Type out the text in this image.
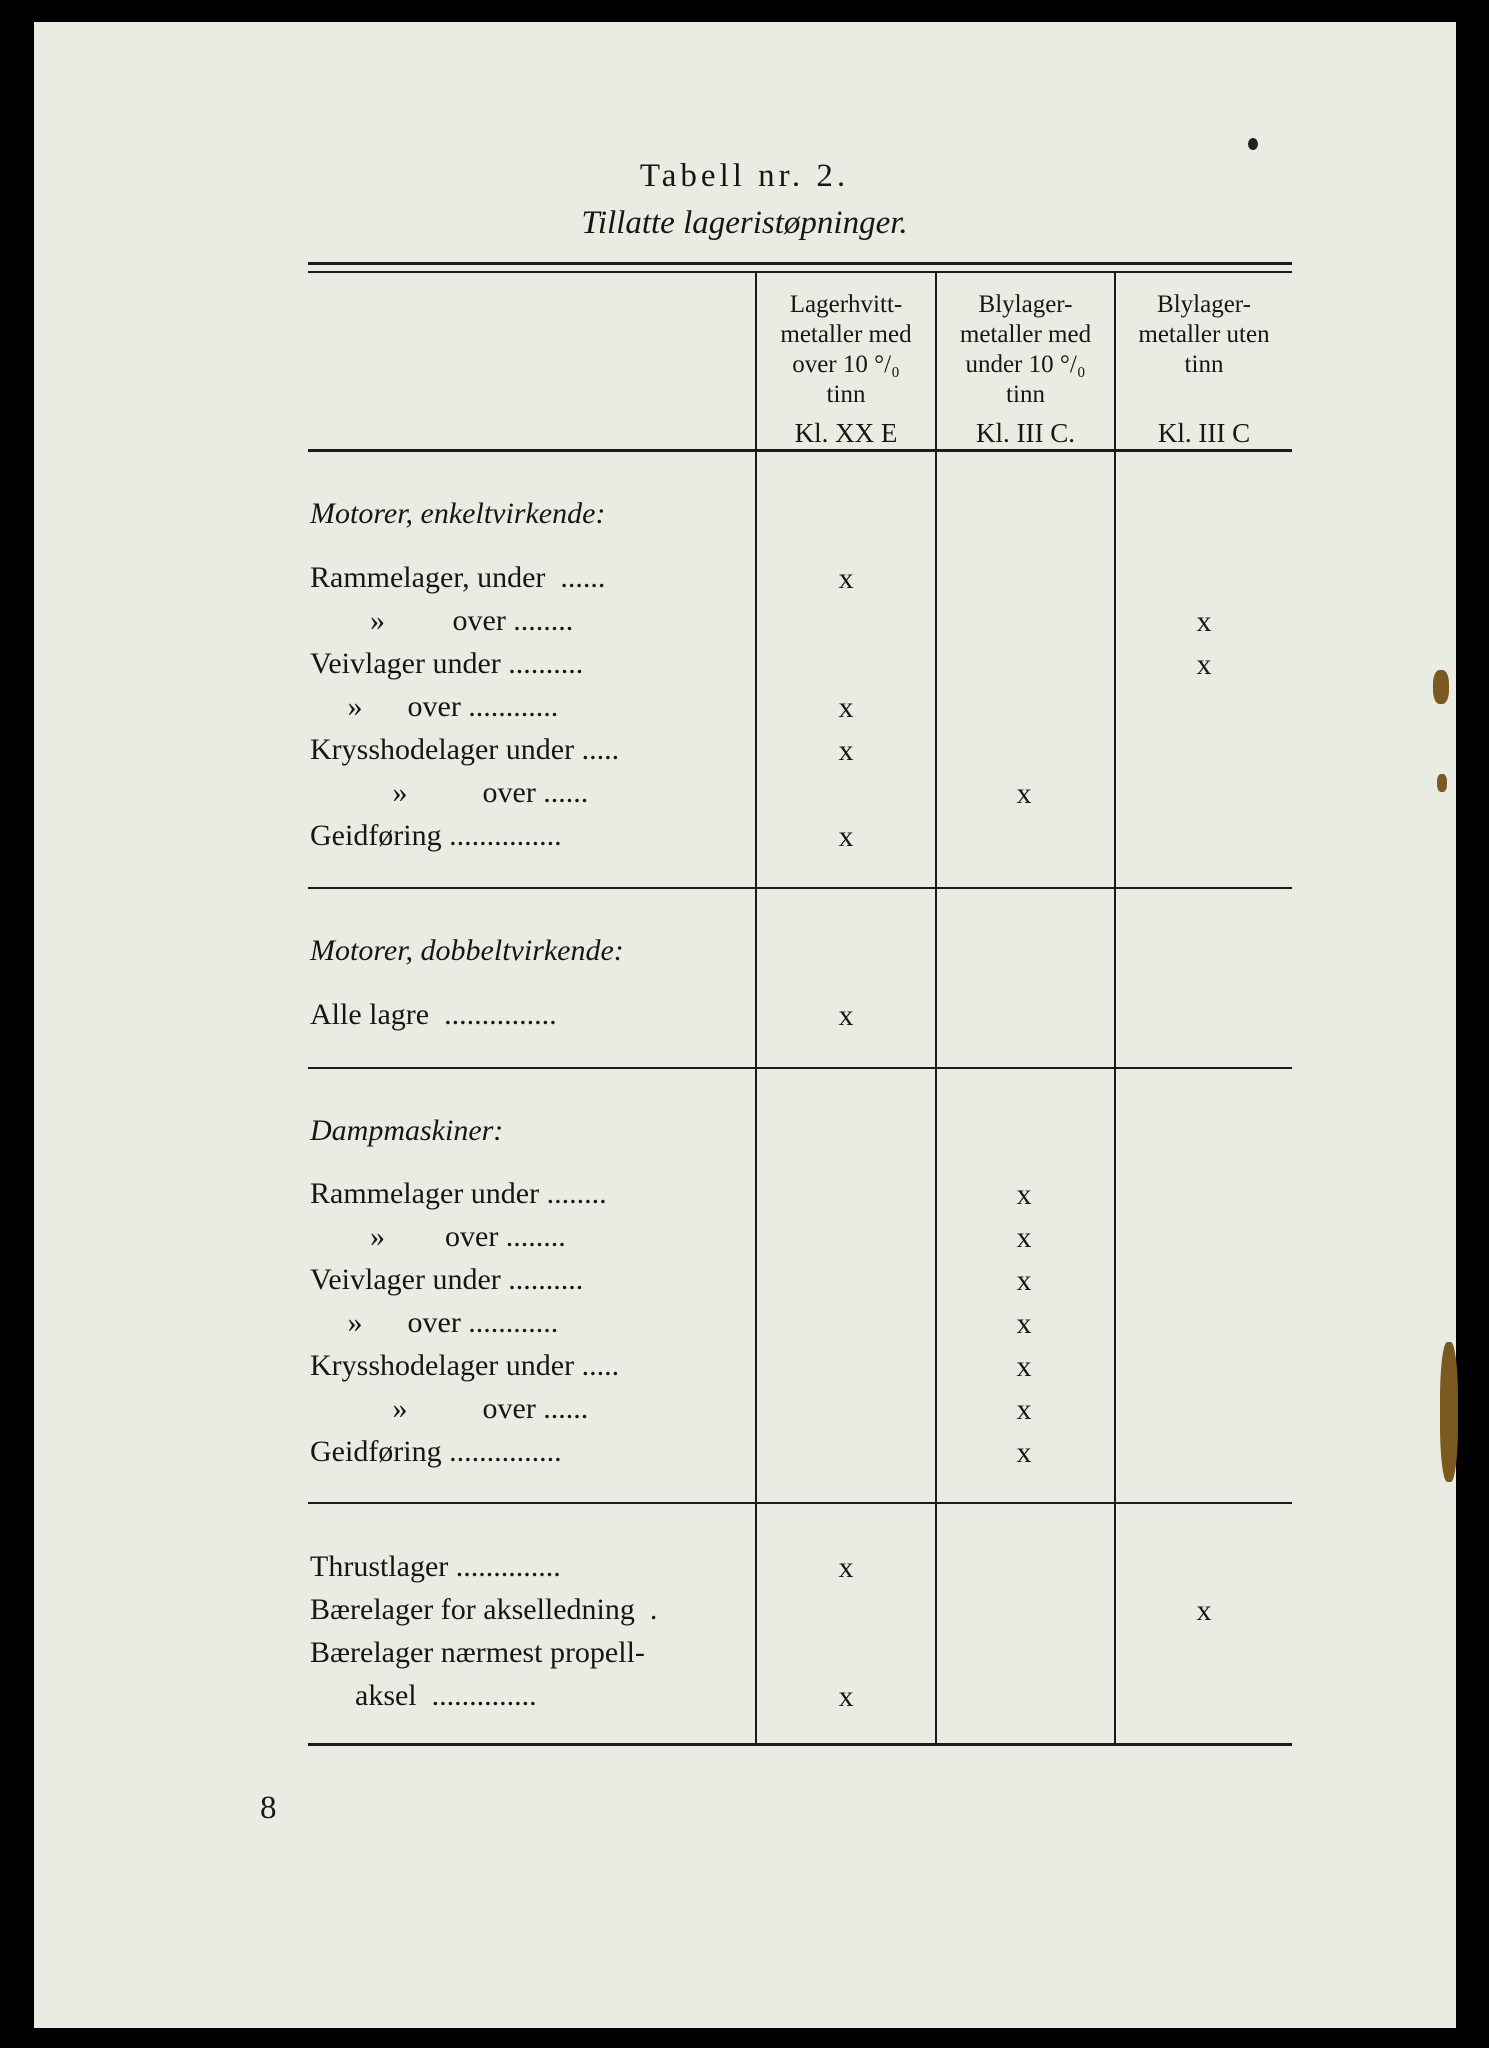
Tabell nr. 2.
Tillatte lageristøpninger.
Lagerhvitt-
metaller med
over 10 °/₀
tinn
Kl. XX E
Blylager-
metaller med
under 10 °/₀
tinn
Kl. III C.
Blylager-
metaller uten
tinn
Kl. III C
Motorer, enkeltvirkende:
Rammelager, under  ......
»         over ........
Veivlager under ..........
»      over ............
Krysshodelager under .....
»          over ......
Geidføring ...............
x
x
x
x
x
x
x
Motorer, dobbeltvirkende:
Alle lagre  ...............	x
Dampmaskiner:
Rammelager under ........
»        over ........
Veivlager under ..........
»      over ............
Krysshodelager under .....
»          over ......
Geidføring ...............
x
x
x
x
x
x
x
Thrustlager ..............
Bærelager for akselledning  .
Bærelager nærmest propell-
aksel  ..............
x
x
x
8
